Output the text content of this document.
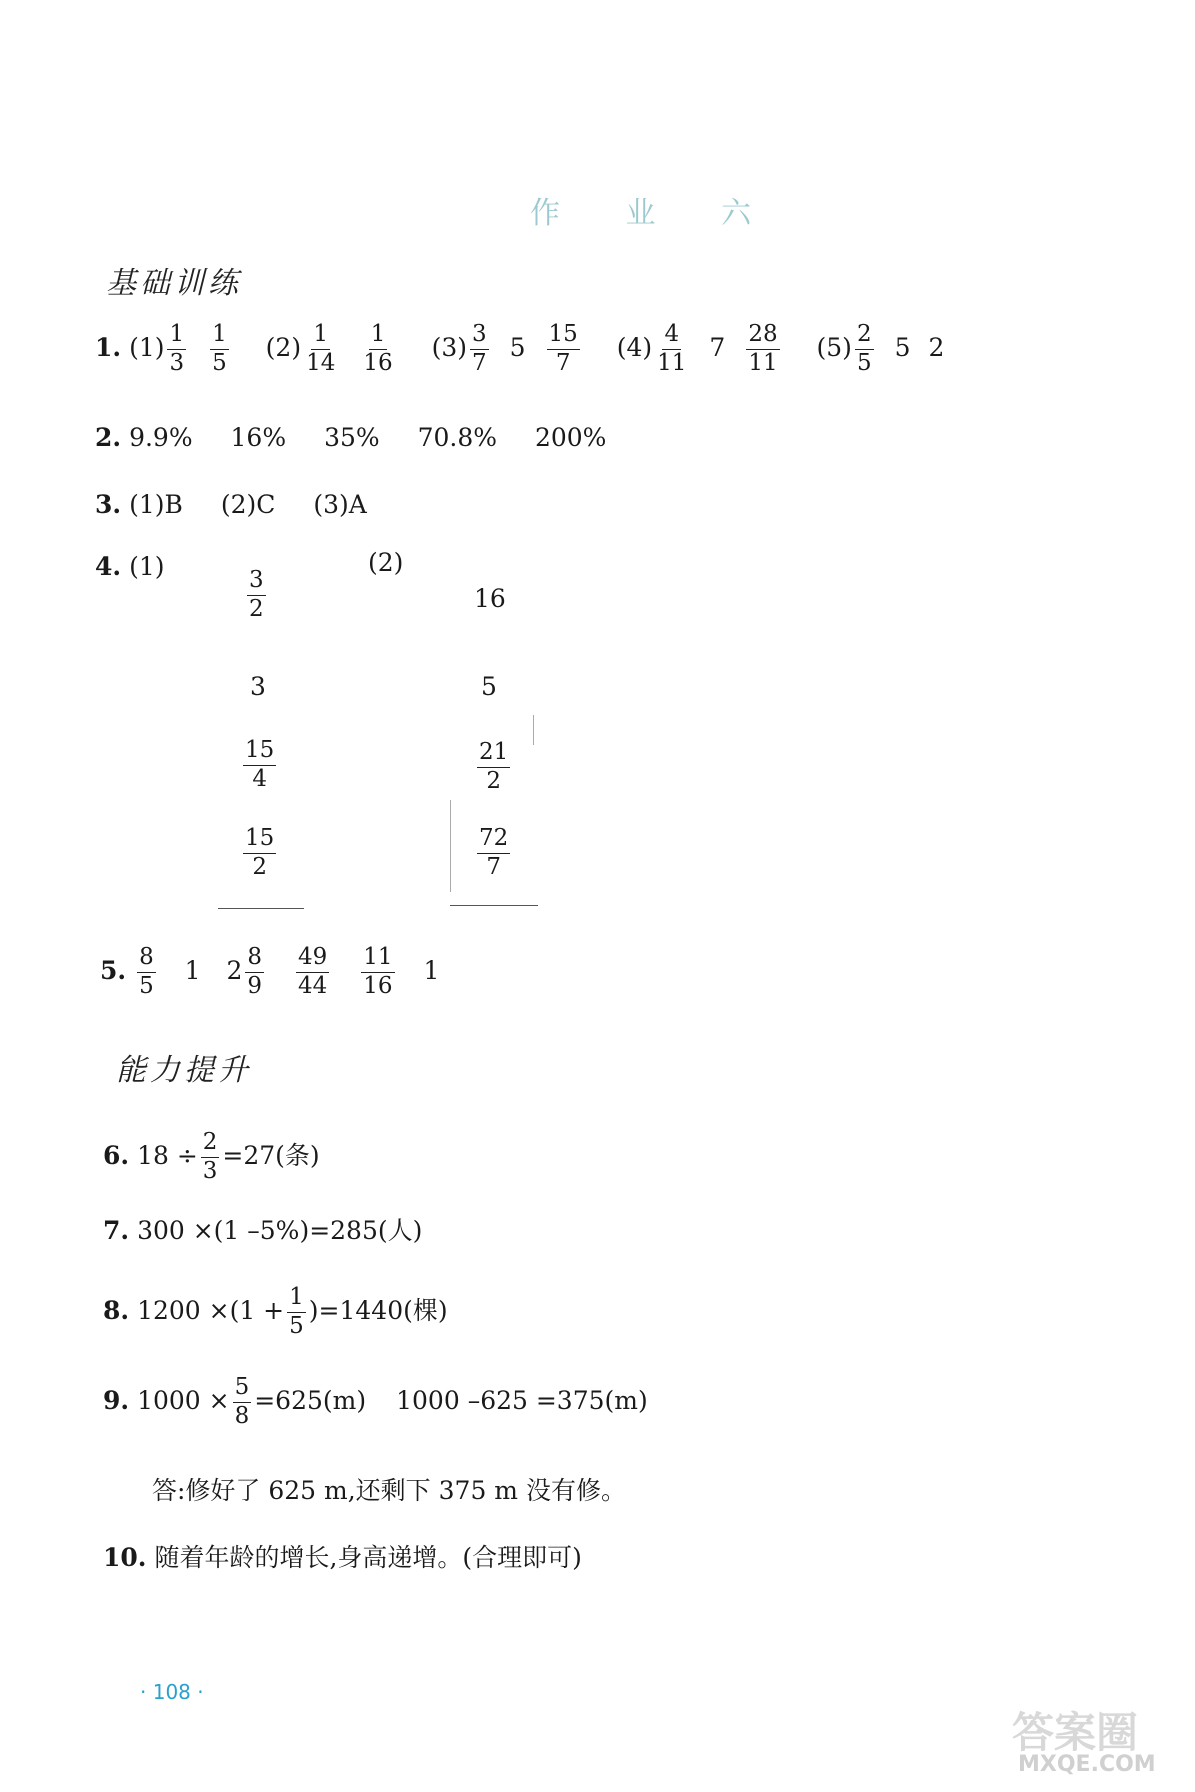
作 业 六
基础训练
1. $(1) \frac{1}{3} \frac{1}{5} (2) \frac{1}{14} \frac{1}{16} (3) \frac{3}{7} 5 \frac{15}{7} (4) \frac{4}{11} 7 \frac{28}{11} (5) \frac{2}{5} 5$ 2
2. 9.9% 16% 35% 70.8% 200%
3. (1)B (2)C (3)A
4. (1)	(2)
$\frac{3}{2}$
3
$\frac{15}{4}$
$\frac{15}{2}$
16
5
$\frac{21}{2}$
$\frac{72}{7}$
5. $\frac{8}{5} 1$ $2 \frac{8}{9}$
$\frac{49}{44}$
$\frac{11}{16} 1$
能力提升
6. $18 \div \frac{2}{3} =27$(条)
7. 300 ×(1 –5%)=285(人)
8. $1200 \times(1 + \frac{1}{5} )=1440$(棵)
9. $1000 \times \frac{5}{8} =625(m)$ 1000 –625 =375(m)
答:修好了 625 m,还剩下 375 m 没有修。
10. 随着年龄的增长,身高递增。(合理即可)
· 108 ·
答案圈
MXQE.COM
